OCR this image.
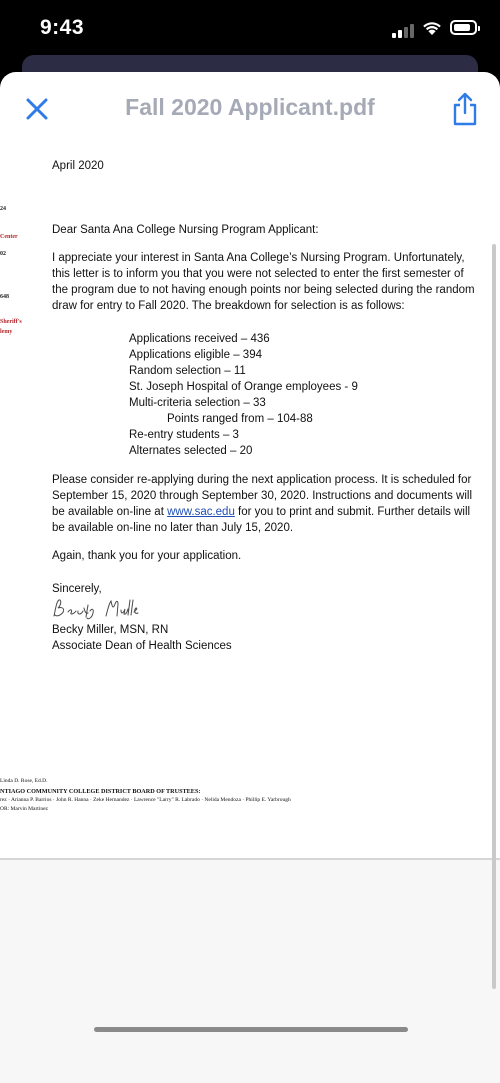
9:43
Fall 2020 Applicant.pdf
24
Center
02
648
Sheriff's
lemy

April 2020

Dear Santa Ana College Nursing Program Applicant:

I appreciate your interest in Santa Ana College’s Nursing Program. Unfortunately, this letter is to inform you that you were not selected to enter the first semester of the program due to not having enough points nor being selected during the random draw for entry to Fall 2020. The breakdown for selection is as follows:

Applications received – 436
Applications eligible – 394
Random selection – 11
St. Joseph Hospital of Orange employees - 9
Multi-criteria selection – 33
Points ranged from – 104-88
Re-entry students – 3
Alternates selected – 20

Please consider re-applying during the next application process. It is scheduled for September 15, 2020 through September 30, 2020. Instructions and documents will be available on-line at www.sac.edu for you to print and submit. Further details will be available on-line no later than July 15, 2020.

Again, thank you for your application.

Sincerely,

Becky Miller, MSN, RN

Associate Dean of Health Sciences

Linda D. Rose, Ed.D.
NTIAGO COMMUNITY COLLEGE DISTRICT BOARD OF TRUSTEES:
rez · Arianna P. Barrios · John R. Hanna · Zeke Hernandez · Lawrence "Larry" R. Labrado · Nelida Mendoza · Phillip E. Yarbrough
OR: Marvin Martinez
